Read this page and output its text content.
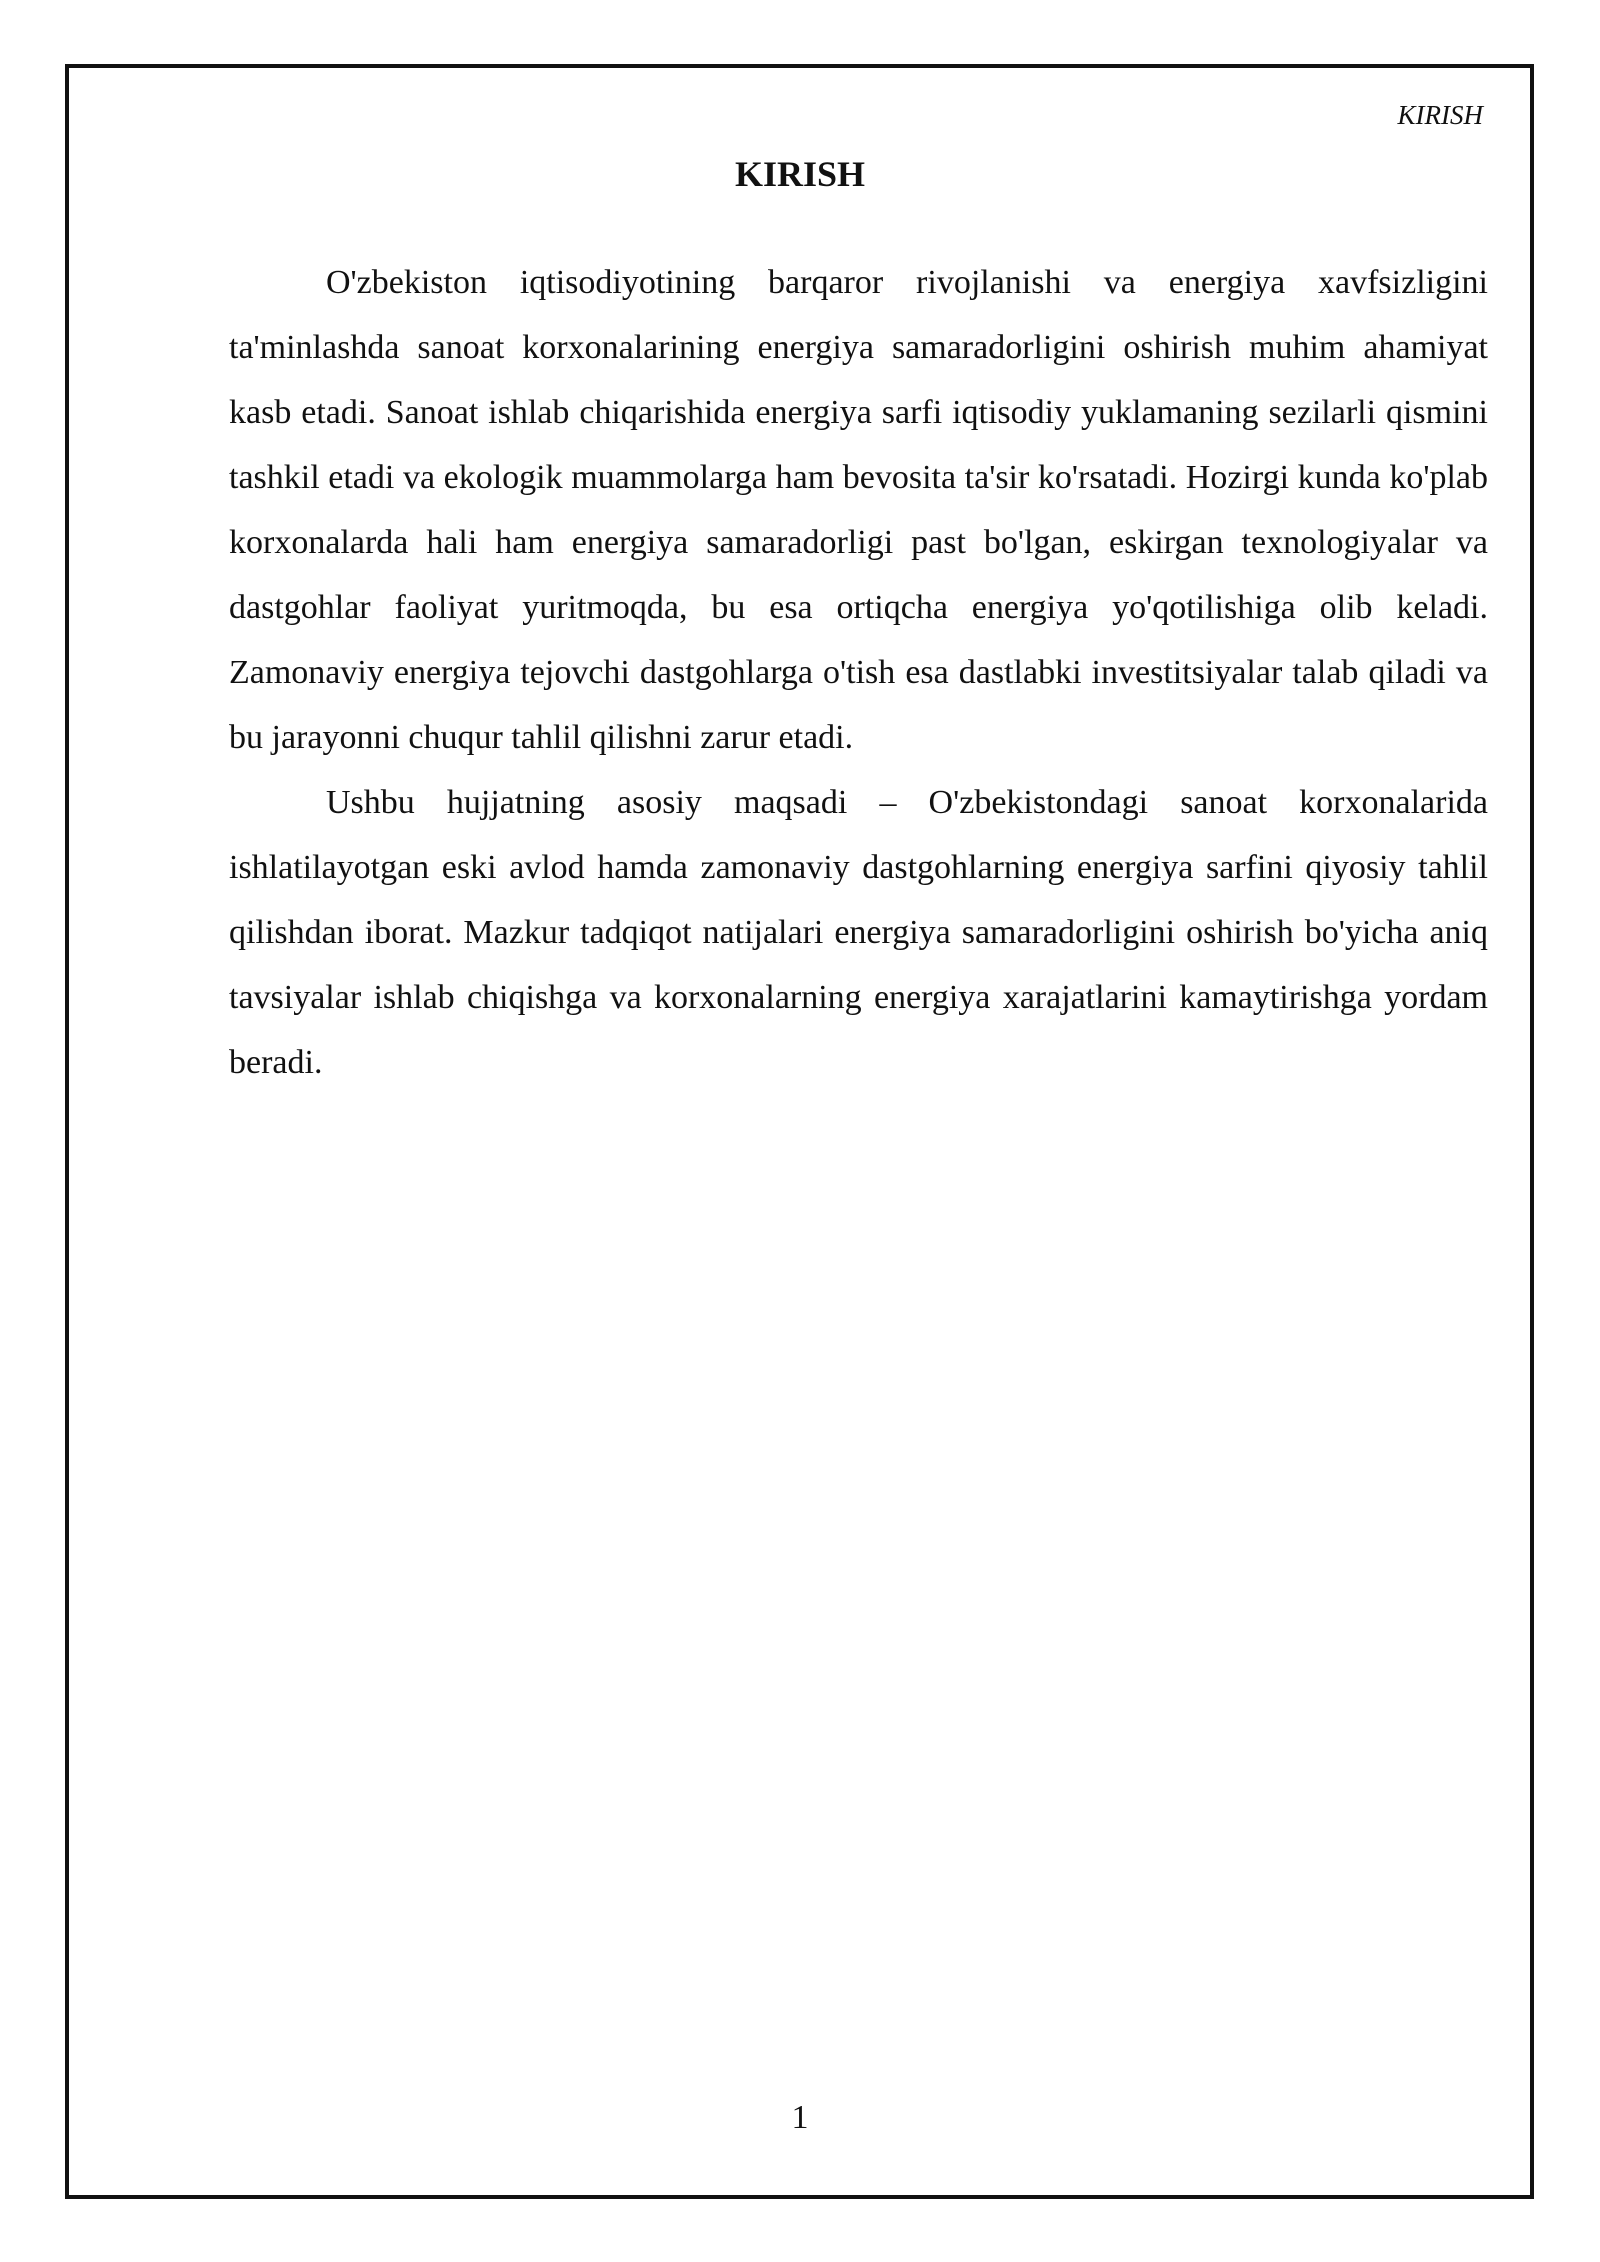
KIRISH
KIRISH

O'zbekiston iqtisodiyotining barqaror rivojlanishi va energiya xavfsizligini ta'minlashda sanoat korxonalarining energiya samaradorligini oshirish muhim ahamiyat kasb etadi. Sanoat ishlab chiqarishida energiya sarfi iqtisodiy yuklamaning sezilarli qismini tashkil etadi va ekologik muammolarga ham bevosita ta'sir ko'rsatadi. Hozirgi kunda ko'plab korxonalarda hali ham energiya samaradorligi past bo'lgan, eskirgan texnologiyalar va dastgohlar faoliyat yuritmoqda, bu esa ortiqcha energiya yo'qotilishiga olib keladi. Zamonaviy energiya tejovchi dastgohlarga o'tish esa dastlabki investitsiyalar talab qiladi va bu jarayonni chuqur tahlil qilishni zarur etadi.

Ushbu hujjatning asosiy maqsadi – O'zbekistondagi sanoat korxonalarida ishlatilayotgan eski avlod hamda zamonaviy dastgohlarning energiya sarfini qiyosiy tahlil qilishdan iborat. Mazkur tadqiqot natijalari energiya samaradorligini oshirish bo'yicha aniq tavsiyalar ishlab chiqishga va korxonalarning energiya xarajatlarini kamaytirishga yordam beradi.

1
